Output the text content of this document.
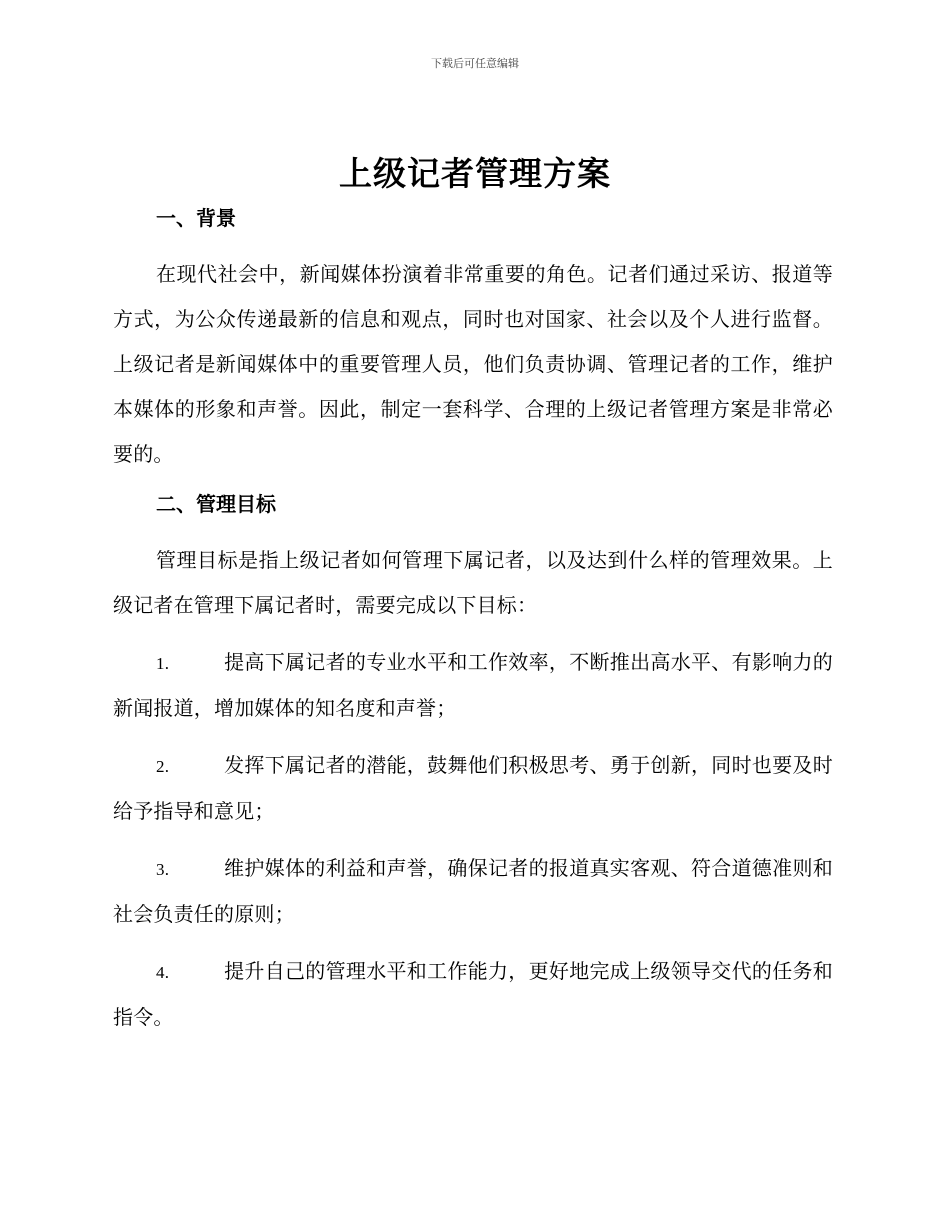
下载后可任意编辑
上级记者管理方案
一、背景

在现代社会中，新闻媒体扮演着非常重要的角色。记者们通过采访、报道等方式，为公众传递最新的信息和观点，同时也对国家、社会以及个人进行监督。上级记者是新闻媒体中的重要管理人员，他们负责协调、管理记者的工作，维护本媒体的形象和声誉。因此，制定一套科学、合理的上级记者管理方案是非常必要的。

二、管理目标

管理目标是指上级记者如何管理下属记者，以及达到什么样的管理效果。上级记者在管理下属记者时，需要完成以下目标：

1.	提高下属记者的专业水平和工作效率，不断推出高水平、有影响力的新闻报道，增加媒体的知名度和声誉；
2.	发挥下属记者的潜能，鼓舞他们积极思考、勇于创新，同时也要及时给予指导和意见；
3.	维护媒体的利益和声誉，确保记者的报道真实客观、符合道德准则和社会负责任的原则；
4.	提升自己的管理水平和工作能力，更好地完成上级领导交代的任务和指令。
